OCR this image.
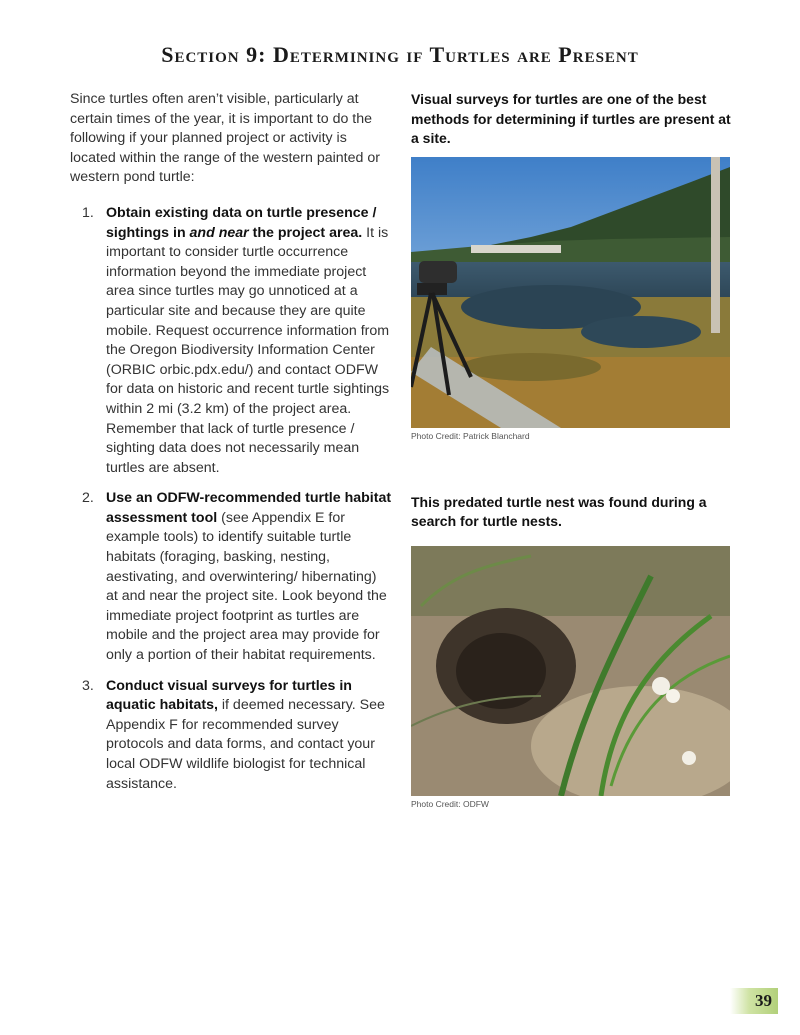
Section 9: Determining if Turtles are Present

Since turtles often aren’t visible, particularly at certain times of the year, it is important to do the following if your planned project or activity is located within the range of the western painted or western pond turtle:

1. Obtain existing data on turtle presence / sightings in and near the project area. It is important to consider turtle occurrence information beyond the immediate project area since turtles may go unnoticed at a particular site and because they are quite mobile. Request occurrence information from the Oregon Biodiversity Information Center (ORBIC orbic.pdx.edu/) and contact ODFW for data on historic and recent turtle sightings within 2 mi (3.2 km) of the project area. Remember that lack of turtle presence / sighting data does not necessarily mean turtles are absent.
2. Use an ODFW-recommended turtle habitat assessment tool (see Appendix E for example tools) to identify suitable turtle habitats (foraging, basking, nesting, aestivating, and overwintering/ hibernating) at and near the project site. Look beyond the immediate project footprint as turtles are mobile and the project area may provide for only a portion of their habitat requirements.
3. Conduct visual surveys for turtles in aquatic habitats, if deemed necessary. See Appendix F for recommended survey protocols and data forms, and contact your local ODFW wildlife biologist for technical assistance.
Visual surveys for turtles are one of the best methods for determining if turtles are present at a site.
Photo Credit: Patrick Blanchard
This predated turtle nest was found during a search for turtle nests.
Photo Credit: ODFW
39
